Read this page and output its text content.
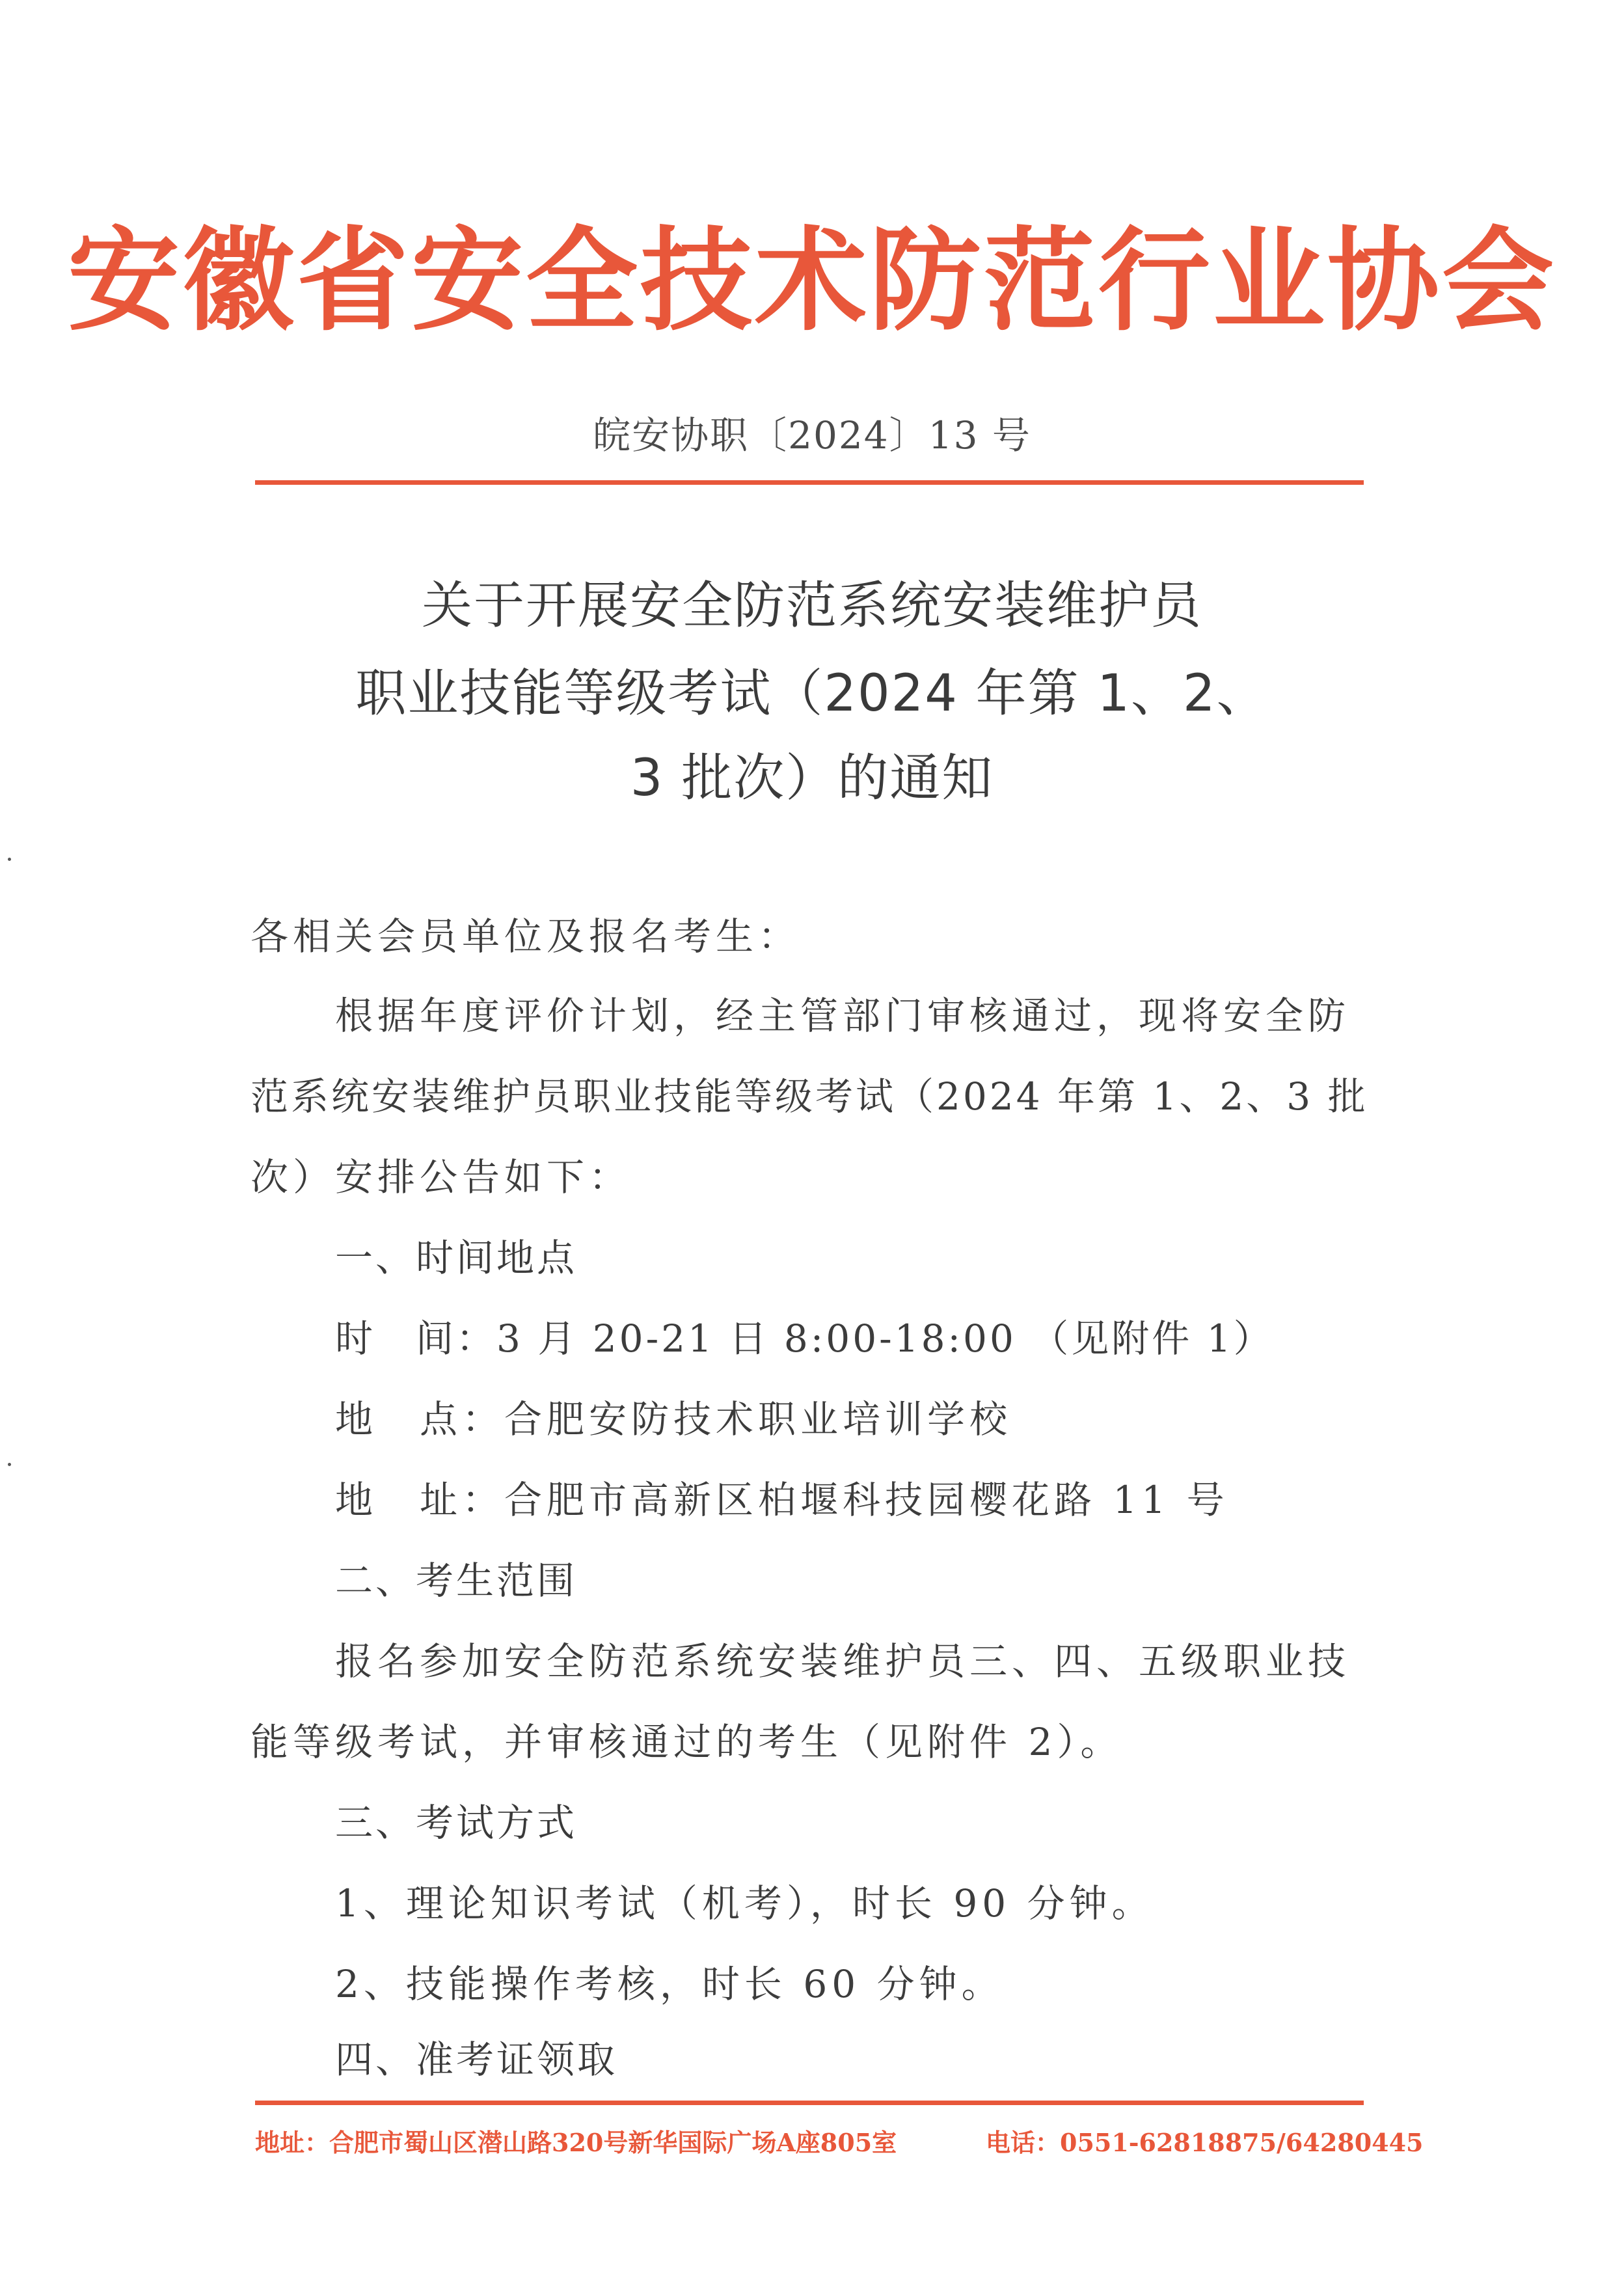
安徽省安全技术防范行业协会
皖安协职〔2024〕13 号
关于开展安全防范系统安装维护员
职业技能等级考试（2024 年第 1、2、
3 批次）的通知
各相关会员单位及报名考生：
根据年度评价计划，经主管部门审核通过，现将安全防
范系统安装维护员职业技能等级考试（2024 年第 1、2、3 批
次）安排公告如下：
一、时间地点
时　间：3 月 20-21 日 8:00-18:00 （见附件 1）
地　点：合肥安防技术职业培训学校
地　址：合肥市高新区柏堰科技园樱花路 11 号
二、考生范围
报名参加安全防范系统安装维护员三、四、五级职业技
能等级考试，并审核通过的考生（见附件 2）。
三、考试方式
1、理论知识考试（机考），时长 90 分钟。
2、技能操作考核，时长 60 分钟。
四、准考证领取
地址：合肥市蜀山区潜山路320号新华国际广场A座805室	电话：0551-62818875/64280445
